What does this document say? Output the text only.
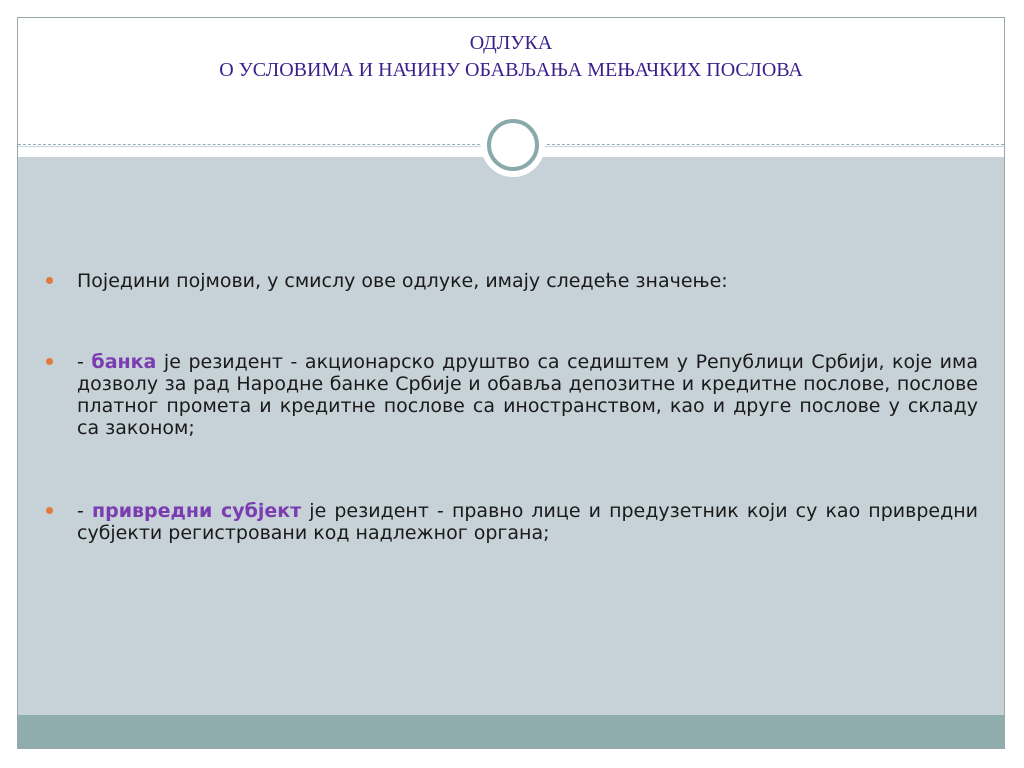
ОДЛУКА
О УСЛОВИМА И НАЧИНУ ОБАВЉАЊА МЕЊАЧКИХ ПОСЛОВА
Поједини појмови, у смислу ове одлуке, имају следеће значење:
- банка је резидент - акционарско друштво са седиштем у Републици Србији, које има дозволу за рад Народне банке Србије и обавља депозитне и кредитне послове, послове платног промета и кредитне послове са иностранством, као и друге послове у складу са законом;
- привредни субјект је резидент - правно лице и предузетник који су као привредни субјекти регистровани код надлежног органа;
